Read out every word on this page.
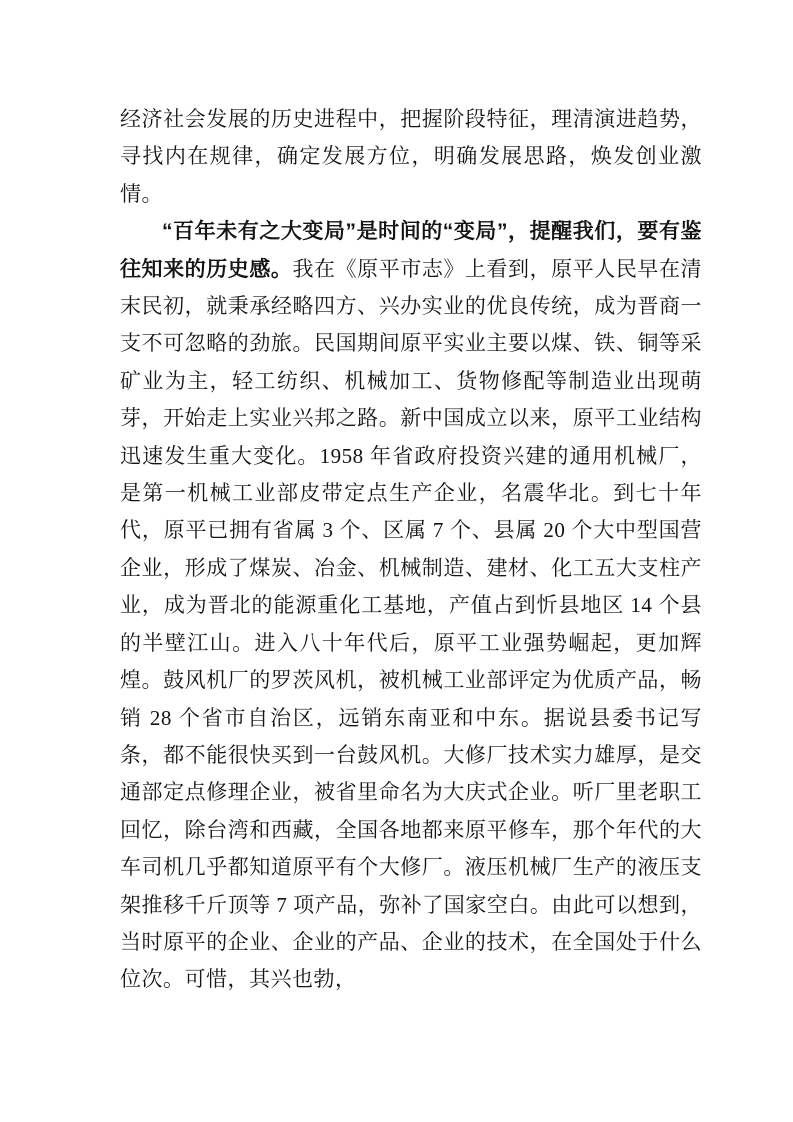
经济社会发展的历史进程中，把握阶段特征，理清演进趋势，寻找内在规律，确定发展方位，明确发展思路，焕发创业激情。

“百年未有之大变局”是时间的“变局”，提醒我们，要有鉴往知来的历史感。我在《原平市志》上看到，原平人民早在清末民初，就秉承经略四方、兴办实业的优良传统，成为晋商一支不可忽略的劲旅。民国期间原平实业主要以煤、铁、铜等采矿业为主，轻工纺织、机械加工、货物修配等制造业出现萌芽，开始走上实业兴邦之路。新中国成立以来，原平工业结构迅速发生重大变化。1958 年省政府投资兴建的通用机械厂，是第一机械工业部皮带定点生产企业，名震华北。到七十年代，原平已拥有省属 3 个、区属 7 个、县属 20 个大中型国营企业，形成了煤炭、冶金、机械制造、建材、化工五大支柱产业，成为晋北的能源重化工基地，产值占到忻县地区 14 个县的半壁江山。进入八十年代后，原平工业强势崛起，更加辉煌。鼓风机厂的罗茨风机，被机械工业部评定为优质产品，畅销 28 个省市自治区，远销东南亚和中东。据说县委书记写条，都不能很快买到一台鼓风机。大修厂技术实力雄厚，是交通部定点修理企业，被省里命名为大庆式企业。听厂里老职工回忆，除台湾和西藏，全国各地都来原平修车，那个年代的大车司机几乎都知道原平有个大修厂。液压机械厂生产的液压支架推移千斤顶等 7 项产品，弥补了国家空白。由此可以想到，当时原平的企业、企业的产品、企业的技术，在全国处于什么位次。可惜，其兴也勃，
